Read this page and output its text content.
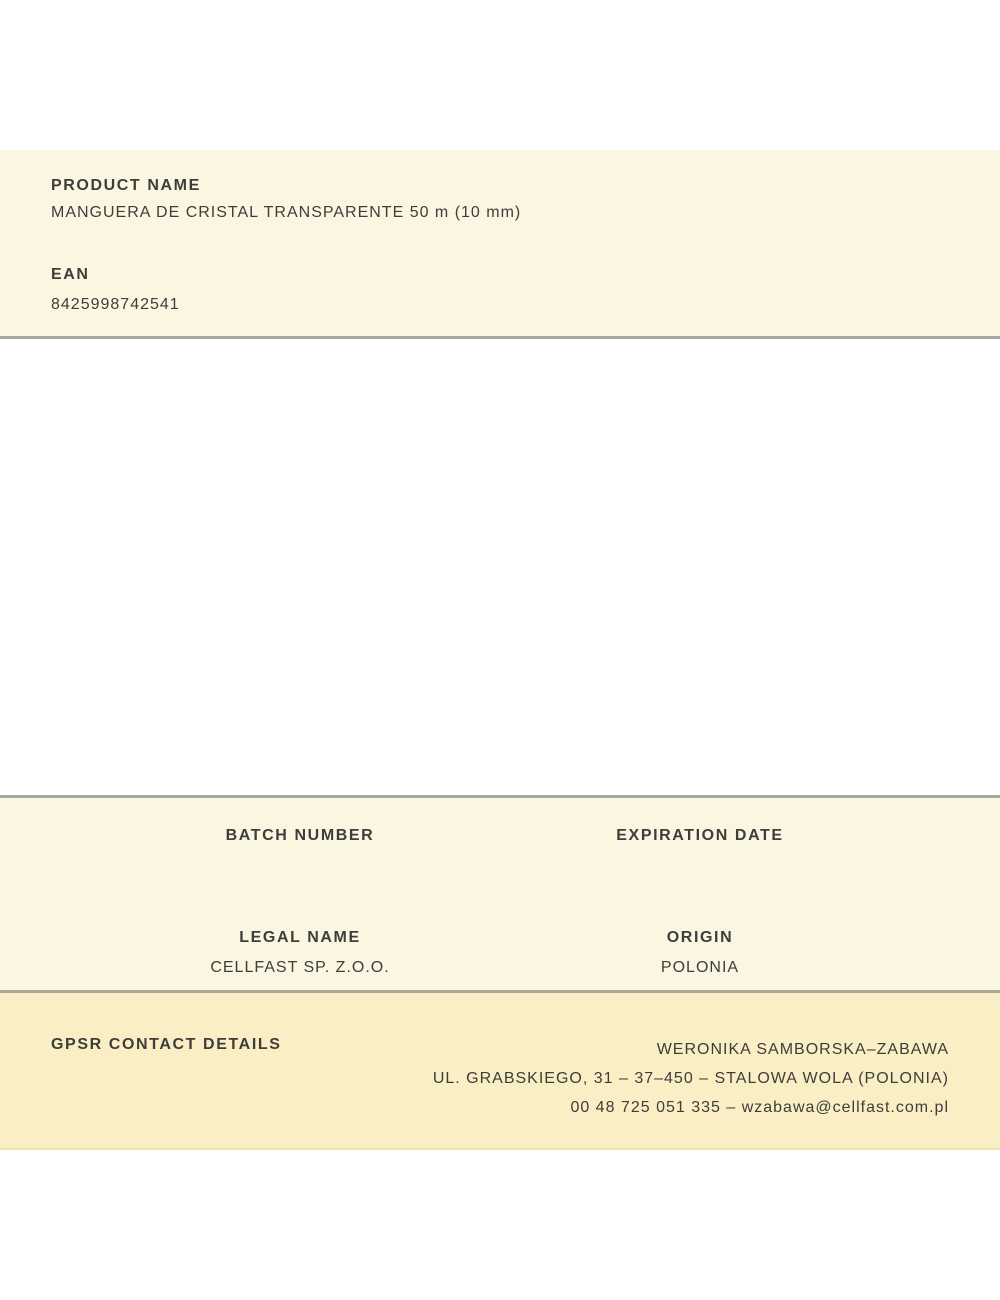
PRODUCT NAME
MANGUERA DE CRISTAL TRANSPARENTE 50 m (10 mm)
EAN
8425998742541
BATCH NUMBER	EXPIRATION DATE
LEGAL NAME	ORIGIN
CELLFAST SP. Z.O.O.	POLONIA
GPSR CONTACT DETAILS	WERONIKA SAMBORSKA–ZABAWA
UL. GRABSKIEGO, 31 – 37–450 – STALOWA WOLA (POLONIA)
00 48 725 051 335 – wzabawa@cellfast.com.pl
